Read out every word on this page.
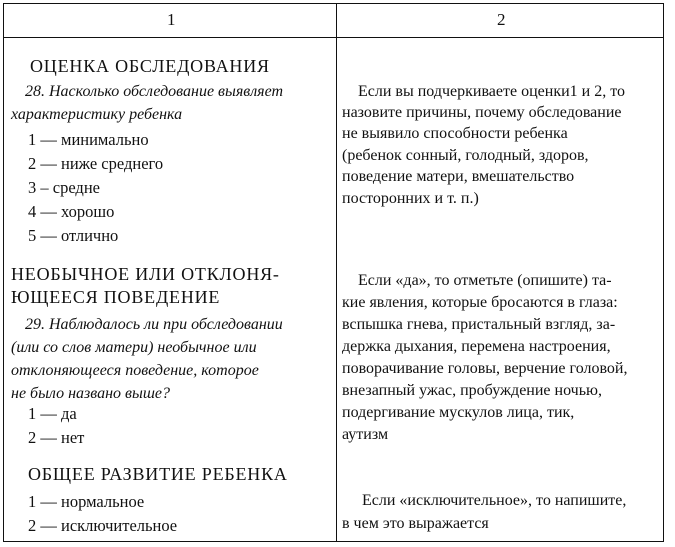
1	2
ОЦЕНКА ОБСЛЕДОВАНИЯ
28. Насколько обследование выявляет
характеристику ребенка
1 — минимально
2 — ниже среднего
3 – средне
4 — хорошо
5 — отлично
Если вы подчеркиваете оценки1 и 2, то
назовите причины, почему обследование
не выявило способности ребенка
(ребенок сонный, голодный, здоров,
поведение матери, вмешательство
посторонних и т. п.)
НЕОБЫЧНОЕ ИЛИ ОТКЛОНЯ-
ЮЩЕЕСЯ ПОВЕДЕНИЕ
29. Наблюдалось ли при обследовании
(или со слов матери) необычное или
отклоняющееся поведение, которое
не было названо выше?
1 — да
2 — нет
Если «да», то отметьте (опишите) та-
кие явления, которые бросаются в глаза:
вспышка гнева, пристальный взгляд, за-
держка дыхания, перемена настроения,
поворачивание головы, верчение головой,
внезапный ужас, пробуждение ночью,
подергивание мускулов лица, тик,
аутизм
ОБЩЕЕ РАЗВИТИЕ РЕБЕНКА
1 — нормальное
2 — исключительное
Если «исключительное», то напишите,
в чем это выражается
